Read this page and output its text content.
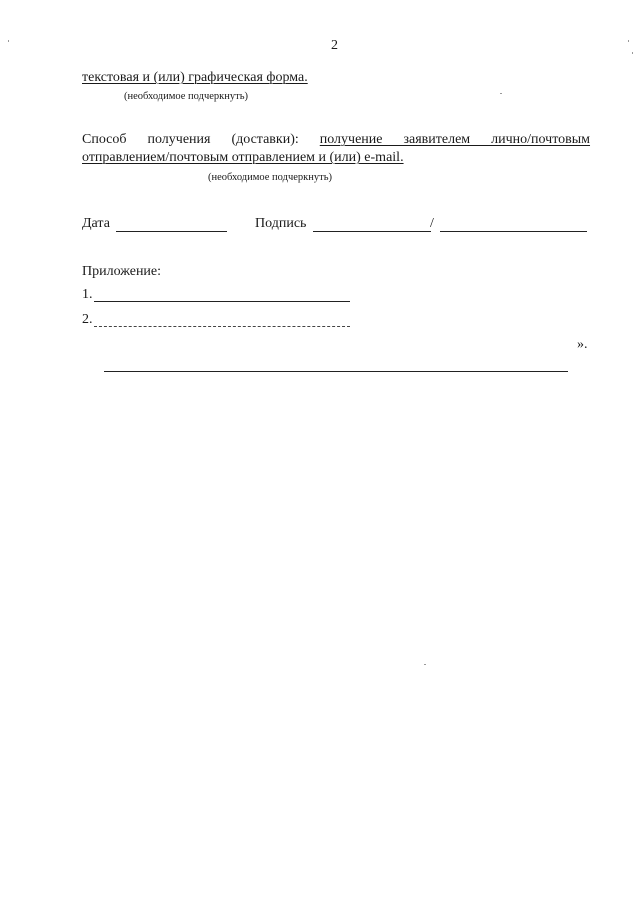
2
текстовая и (или) графическая форма.
(необходимое подчеркнуть)
Способ получения (доставки): получение заявителем лично/почтовым отправлением/почтовым отправлением и (или) e-mail.
(необходимое подчеркнуть)
Дата	Подпись	/
Приложение:
1.
2.
».
